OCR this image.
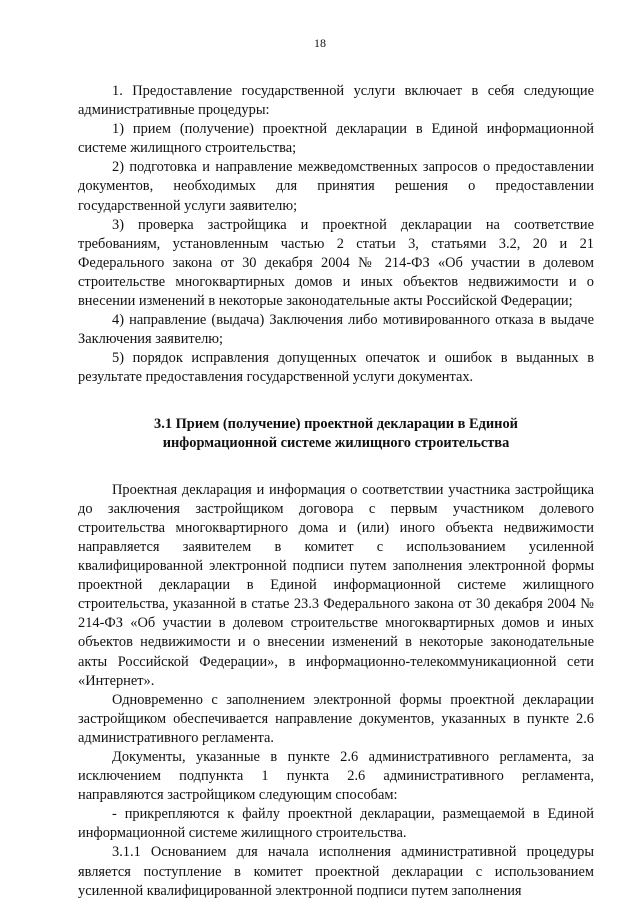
18

1. Предоставление государственной услуги включает в себя следующие административные процедуры:

1) прием (получение) проектной декларации в Единой информационной системе жилищного строительства;

2) подготовка и направление межведомственных запросов о предоставлении документов, необходимых для принятия решения о предоставлении государственной услуги заявителю;

3) проверка застройщика и проектной декларации на соответствие требованиям, установленным частью 2 статьи 3, статьями 3.2, 20 и 21 Федерального закона от 30 декабря 2004 № 214-ФЗ «Об участии в долевом строительстве многоквартирных домов и иных объектов недвижимости и о внесении изменений в некоторые законодательные акты Российской Федерации;

4) направление (выдача) Заключения либо мотивированного отказа в выдаче Заключения заявителю;

5) порядок исправления допущенных опечаток и ошибок в выданных в результате предоставления государственной услуги документах.

3.1 Прием (получение) проектной декларации в Единой

информационной системе жилищного строительства

Проектная декларация и информация о соответствии участника застройщика до заключения застройщиком договора с первым участником долевого строительства многоквартирного дома и (или) иного объекта недвижимости направляется заявителем в комитет с использованием усиленной квалифицированной электронной подписи путем заполнения электронной формы проектной декларации в Единой информационной системе жилищного строительства, указанной в статье 23.3 Федерального закона от 30 декабря 2004 № 214-ФЗ «Об участии в долевом строительстве многоквартирных домов и иных объектов недвижимости и о внесении изменений в некоторые законодательные акты Российской Федерации», в информационно-телекоммуникационной сети «Интернет».

Одновременно с заполнением электронной формы проектной декларации застройщиком обеспечивается направление документов, указанных в пункте 2.6 административного регламента.

Документы, указанные в пункте 2.6 административного регламента, за исключением подпункта 1 пункта 2.6 административного регламента, направляются застройщиком следующим способам:

- прикрепляются к файлу проектной декларации, размещаемой в Единой информационной системе жилищного строительства.

3.1.1 Основанием для начала исполнения административной процедуры является поступление в комитет проектной декларации с использованием усиленной квалифицированной электронной подписи путем заполнения
